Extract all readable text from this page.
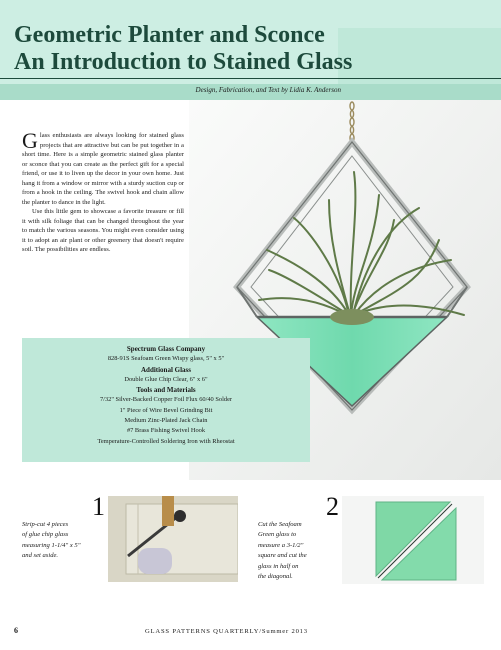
Geometric Planter and Sconce
An Introduction to Stained Glass
Design, Fabrication, and Text by Lidia K. Anderson

Glass enthusiasts are always looking for stained glass projects that are attractive but can be put together in a short time. Here is a simple geometric stained glass planter or sconce that you can create as the perfect gift for a special friend, or use it to liven up the decor in your own home. Just hang it from a window or mirror with a sturdy suction cup or from a hook in the ceiling. The swivel hook and chain allow the planter to dance in the light.

Use this little gem to showcase a favorite treasure or fill it with silk foliage that can be changed throughout the year to match the various seasons. You might even consider using it to adopt an air plant or other greenery that doesn't require soil. The possibilities are endless.

Spectrum Glass Company
828-91S Seafoam Green Wispy glass, 5" x 5"
Additional Glass
Double Glue Chip Clear, 6" x 6"
Tools and Materials
7/32" Silver-Backed Copper Foil Flux 60/40 Solder
1" Piece of Wire Bevel Grinding Bit
Medium Zinc-Plated Jack Chain
#7 Brass Fishing Swivel Hook
Temperature-Controlled Soldering Iron with Rheostat

Strip-cut 4 pieces
of glue chip glass
measuring 1-1/4" x 5"
and set aside.

1

Cut the Seafoam
Green glass to
measure a 3-1/2"
square and cut the
glass in half on
the diagonal.

2
6	GLASS PATTERNS QUARTERLY/Summer 2013
